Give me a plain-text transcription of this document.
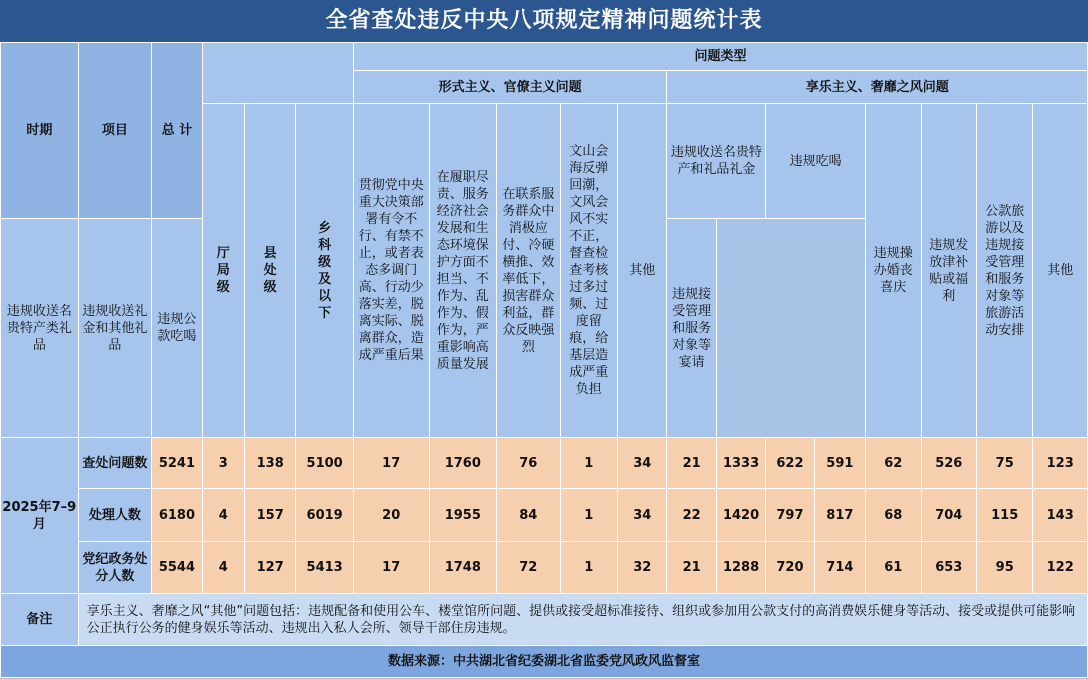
全省查处违反中央八项规定精神问题统计表
时期	项目	总 计				问题类型												
						形式主义、官僚主义问题					享乐主义、奢靡之风问题							
			厅局级	县处级	乡科级及以下	贯彻党中央重大决策部署有令不行、有禁不止，或者表态多调门高、行动少落实差，脱离实际、脱离群众，造成严重后果	在履职尽责、服务经济社会发展和生态环境保护方面不担当、不作为、乱作为、假作为，严重影响高质量发展	在联系服务群众中消极应付、冷硬横推、效率低下，损害群众利益，群众反映强烈	文山会海反弹回潮，文风会风不实不正，督查检查考核过多过频、过度留痕，给基层造成严重负担	其他	违规收送名贵特产和礼品礼金		违规吃喝		违规操办婚丧喜庆	违规发放津补贴或福利	公款旅游以及违规接受管理和服务对象等旅游活动安排	其他
违规收送名贵特产类礼品	违规收送礼金和其他礼品	违规公款吃喝									违规接受管理和服务对象等宴请							
2025年7–9月	查处问题数	5241	3	138	5100	17	1760	76	1	34	21	1333	622	591	62	526	75	123
	处理人数	6180	4	157	6019	20	1955	84	1	34	22	1420	797	817	68	704	115	143
	党纪政务处分人数	5544	4	127	5413	17	1748	72	1	32	21	1288	720	714	61	653	95	122
备注	享乐主义、奢靡之风“其他”问题包括：违规配备和使用公车、楼堂馆所问题、提供或接受超标准接待、组织或参加用公款支付的高消费娱乐健身等活动、接受或提供可能影响公正执行公务的健身娱乐等活动、违规出入私人会所、领导干部住房违规。																	
数据来源：中共湖北省纪委湖北省监委党风政风监督室																		
